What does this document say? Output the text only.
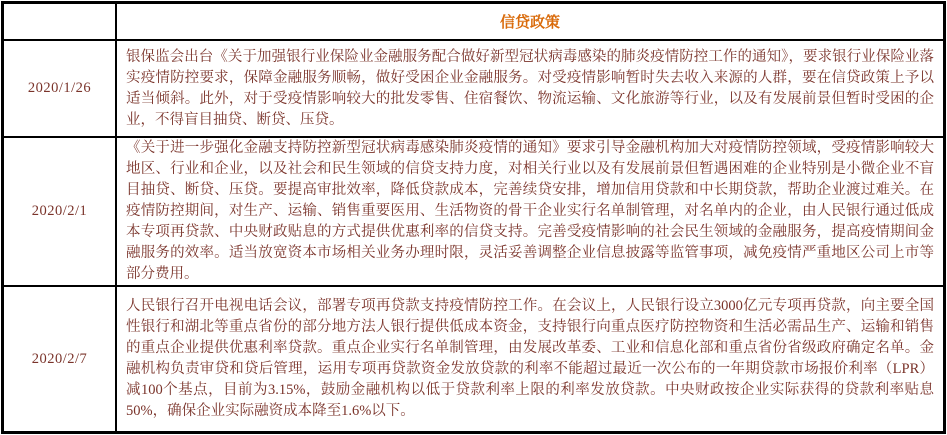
信贷政策
2020/1/26
银保监会出台《关于加强银行业保险业金融服务配合做好新型冠状病毒感染的肺炎疫情防控工作的通知》，要求银行业保险业落实疫情防控要求，保障金融服务顺畅，做好受困企业金融服务。对受疫情影响暂时失去收入来源的人群，要在信贷政策上予以适当倾斜。此外，对于受疫情影响较大的批发零售、住宿餐饮、物流运输、文化旅游等行业，以及有发展前景但暂时受困的企业，不得盲目抽贷、断贷、压贷。
2020/2/1
《关于进一步强化金融支持防控新型冠状病毒感染肺炎疫情的通知》要求引导金融机构加大对疫情防控领域，受疫情影响较大地区、行业和企业，以及社会和民生领域的信贷支持力度，对相关行业以及有发展前景但暂遇困难的企业特别是小微企业不盲目抽贷、断贷、压贷。要提高审批效率，降低贷款成本，完善续贷安排，增加信用贷款和中长期贷款，帮助企业渡过难关。在疫情防控期间，对生产、运输、销售重要医用、生活物资的骨干企业实行名单制管理，对名单内的企业，由人民银行通过低成本专项再贷款、中央财政贴息的方式提供优惠利率的信贷支持。完善受疫情影响的社会民生领域的金融服务，提高疫情期间金融服务的效率。适当放宽资本市场相关业务办理时限，灵活妥善调整企业信息披露等监管事项，减免疫情严重地区公司上市等部分费用。
2020/2/7
人民银行召开电视电话会议，部署专项再贷款支持疫情防控工作。在会议上，人民银行设立3000亿元专项再贷款，向主要全国性银行和湖北等重点省份的部分地方法人银行提供低成本资金，支持银行向重点医疗防控物资和生活必需品生产、运输和销售的重点企业提供优惠利率贷款。重点企业实行名单制管理，由发展改革委、工业和信息化部和重点省份省级政府确定名单。金融机构负责审贷和贷后管理，运用专项再贷款资金发放贷款的利率不能超过最近一次公布的一年期贷款市场报价利率（LPR）减100个基点，目前为3.15%，鼓励金融机构以低于贷款利率上限的利率发放贷款。中央财政按企业实际获得的贷款利率贴息50%，确保企业实际融资成本降至1.6%以下。
